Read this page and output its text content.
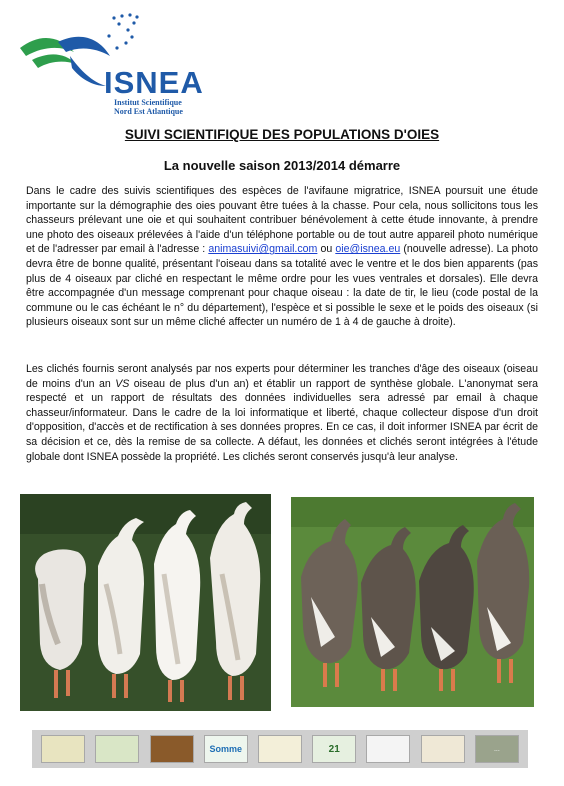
ISNEA
Institut Scientifique
Nord Est Atlantique
SUIVI SCIENTIFIQUE DES POPULATIONS D'OIES
La nouvelle saison 2013/2014 démarre

Dans le cadre des suivis scientifiques des espèces de l'avifaune migratrice, ISNEA poursuit une étude importante sur la démographie des oies pouvant être tuées à la chasse. Pour cela, nous sollicitons tous les chasseurs prélevant une oie et qui souhaitent contribuer bénévolement à cette étude innovante, à prendre une photo des oiseaux prélevées à l'aide d'un téléphone portable ou de tout autre appareil photo numérique et de l'adresser par email à l'adresse : animasuivi@gmail.com ou oie@isnea.eu (nouvelle adresse). La photo devra être de bonne qualité, présentant l'oiseau dans sa totalité avec le ventre et le dos bien apparents (pas plus de 4 oiseaux par cliché en respectant le même ordre pour les vues ventrales et dorsales). Elle devra être accompagnée d'un message comprenant pour chaque oiseau : la date de tir, le lieu (code postal de la commune ou le cas échéant le n° du département), l'espèce et si possible le sexe et le poids des oiseaux (si plusieurs oiseaux sont sur un même cliché affecter un numéro de 1 à 4 de gauche à droite).

Les clichés fournis seront analysés par nos experts pour déterminer les tranches d'âge des oiseaux (oiseau de moins d'un an VS oiseau de plus d'un an) et établir un rapport de synthèse globale. L'anonymat sera respecté et un rapport de résultats des données individuelles sera adressé par email à chaque chasseur/informateur. Dans le cadre de la loi informatique et liberté, chaque collecteur dispose d'un droit d'opposition, d'accès et de rectification à ses données propres. En ce cas, il doit informer ISNEA par écrit de sa décision et ce, dès la remise de sa collecte. A défaut, les données et clichés seront intégrées à l'étude globale dont ISNEA possède la propriété. Les clichés seront conservés jusqu'à leur analyse.

Somme	21	...
